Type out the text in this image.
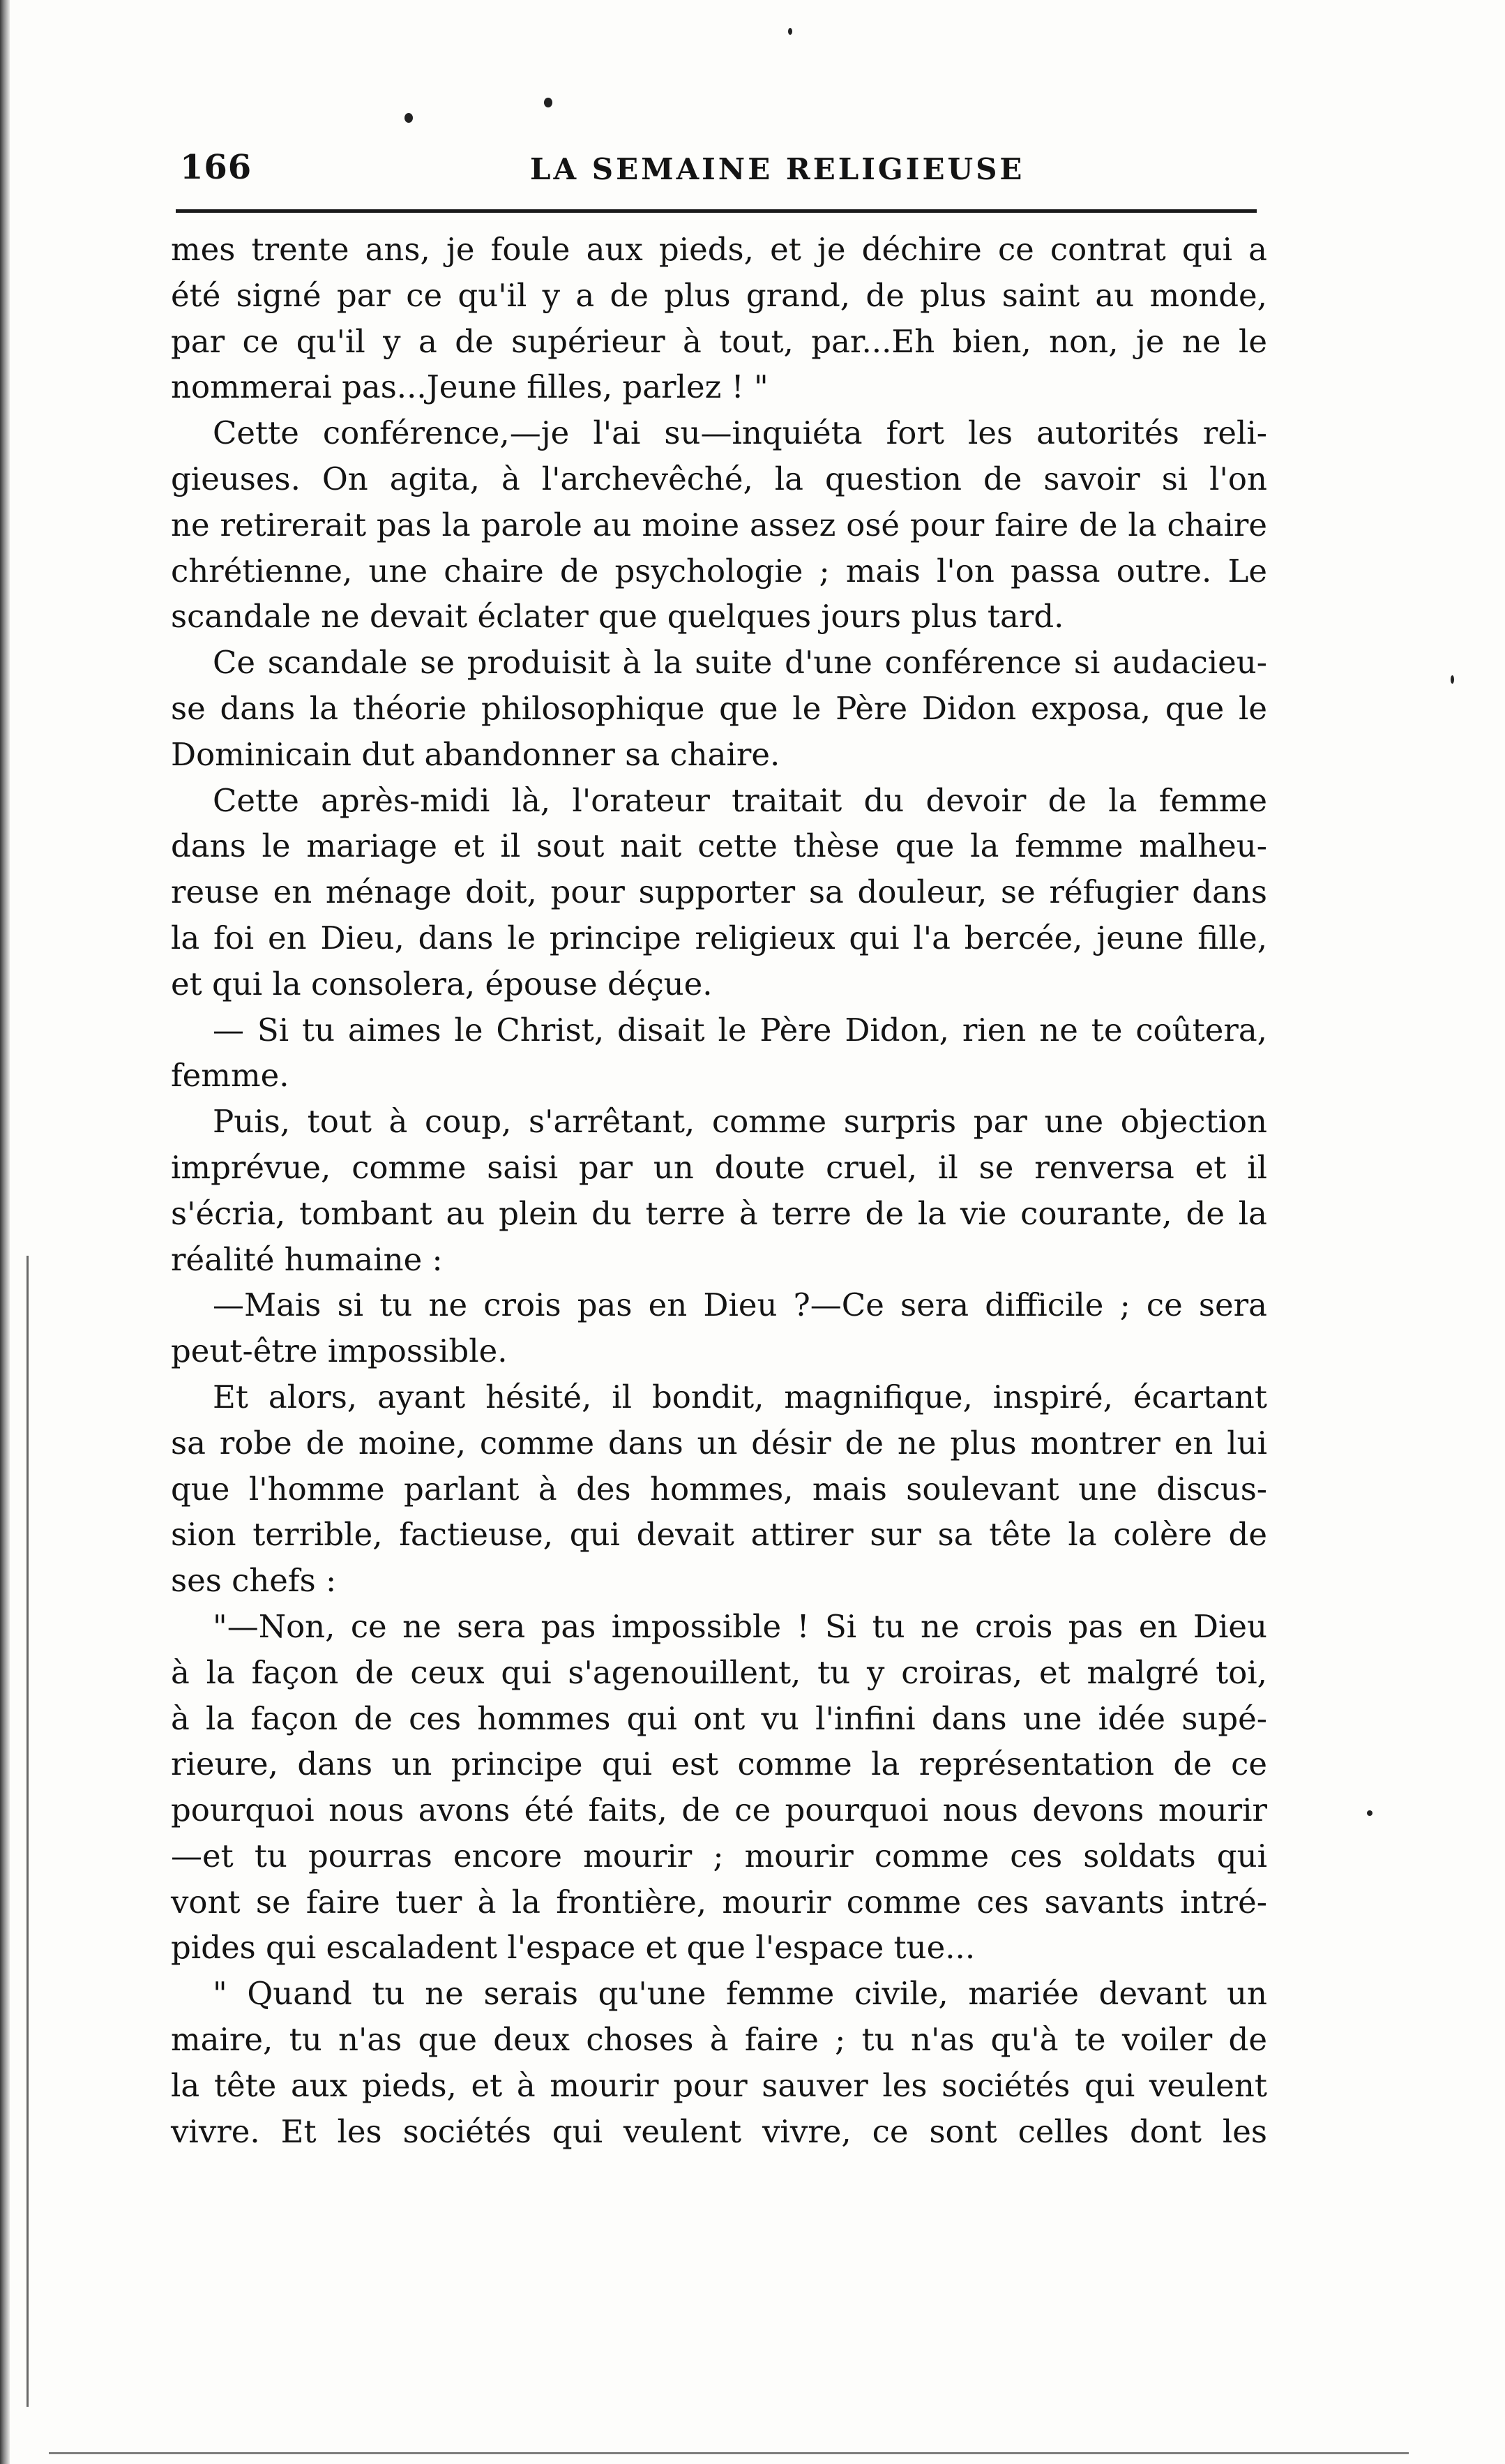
166	LA SEMAINE RELIGIEUSE
mes trente ans, je foule aux pieds, et je déchire ce contrat qui a
été signé par ce qu'il y a de plus grand, de plus saint au monde,
par ce qu'il y a de supérieur à tout, par...Eh bien, non, je ne le
nommerai pas...Jeune filles, parlez ! "
Cette conférence,—je l'ai su—inquiéta fort les autorités reli-
gieuses. On agita, à l'archevêché, la question de savoir si l'on
ne retirerait pas la parole au moine assez osé pour faire de la chaire
chrétienne, une chaire de psychologie ; mais l'on passa outre. Le
scandale ne devait éclater que quelques jours plus tard.
Ce scandale se produisit à la suite d'une conférence si audacieu-
se dans la théorie philosophique que le Père Didon exposa, que le
Dominicain dut abandonner sa chaire.
Cette après-midi là, l'orateur traitait du devoir de la femme
dans le mariage et il sout nait cette thèse que la femme malheu-
reuse en ménage doit, pour supporter sa douleur, se réfugier dans
la foi en Dieu, dans le principe religieux qui l'a bercée, jeune fille,
et qui la consolera, épouse déçue.
— Si tu aimes le Christ, disait le Père Didon, rien ne te coûtera,
femme.
Puis, tout à coup, s'arrêtant, comme surpris par une objection
imprévue, comme saisi par un doute cruel, il se renversa et il
s'écria, tombant au plein du terre à terre de la vie courante, de la
réalité humaine :
—Mais si tu ne crois pas en Dieu ?—Ce sera difficile ; ce sera
peut-être impossible.
Et alors, ayant hésité, il bondit, magnifique, inspiré, écartant
sa robe de moine, comme dans un désir de ne plus montrer en lui
que l'homme parlant à des hommes, mais soulevant une discus-
sion terrible, factieuse, qui devait attirer sur sa tête la colère de
ses chefs :
"—Non, ce ne sera pas impossible ! Si tu ne crois pas en Dieu
à la façon de ceux qui s'agenouillent, tu y croiras, et malgré toi,
à la façon de ces hommes qui ont vu l'infini dans une idée supé-
rieure, dans un principe qui est comme la représentation de ce
pourquoi nous avons été faits, de ce pourquoi nous devons mourir
—et tu pourras encore mourir ; mourir comme ces soldats qui
vont se faire tuer à la frontière, mourir comme ces savants intré-
pides qui escaladent l'espace et que l'espace tue...
" Quand tu ne serais qu'une femme civile, mariée devant un
maire, tu n'as que deux choses à faire ; tu n'as qu'à te voiler de
la tête aux pieds, et à mourir pour sauver les sociétés qui veulent
vivre. Et les sociétés qui veulent vivre, ce sont celles dont les
